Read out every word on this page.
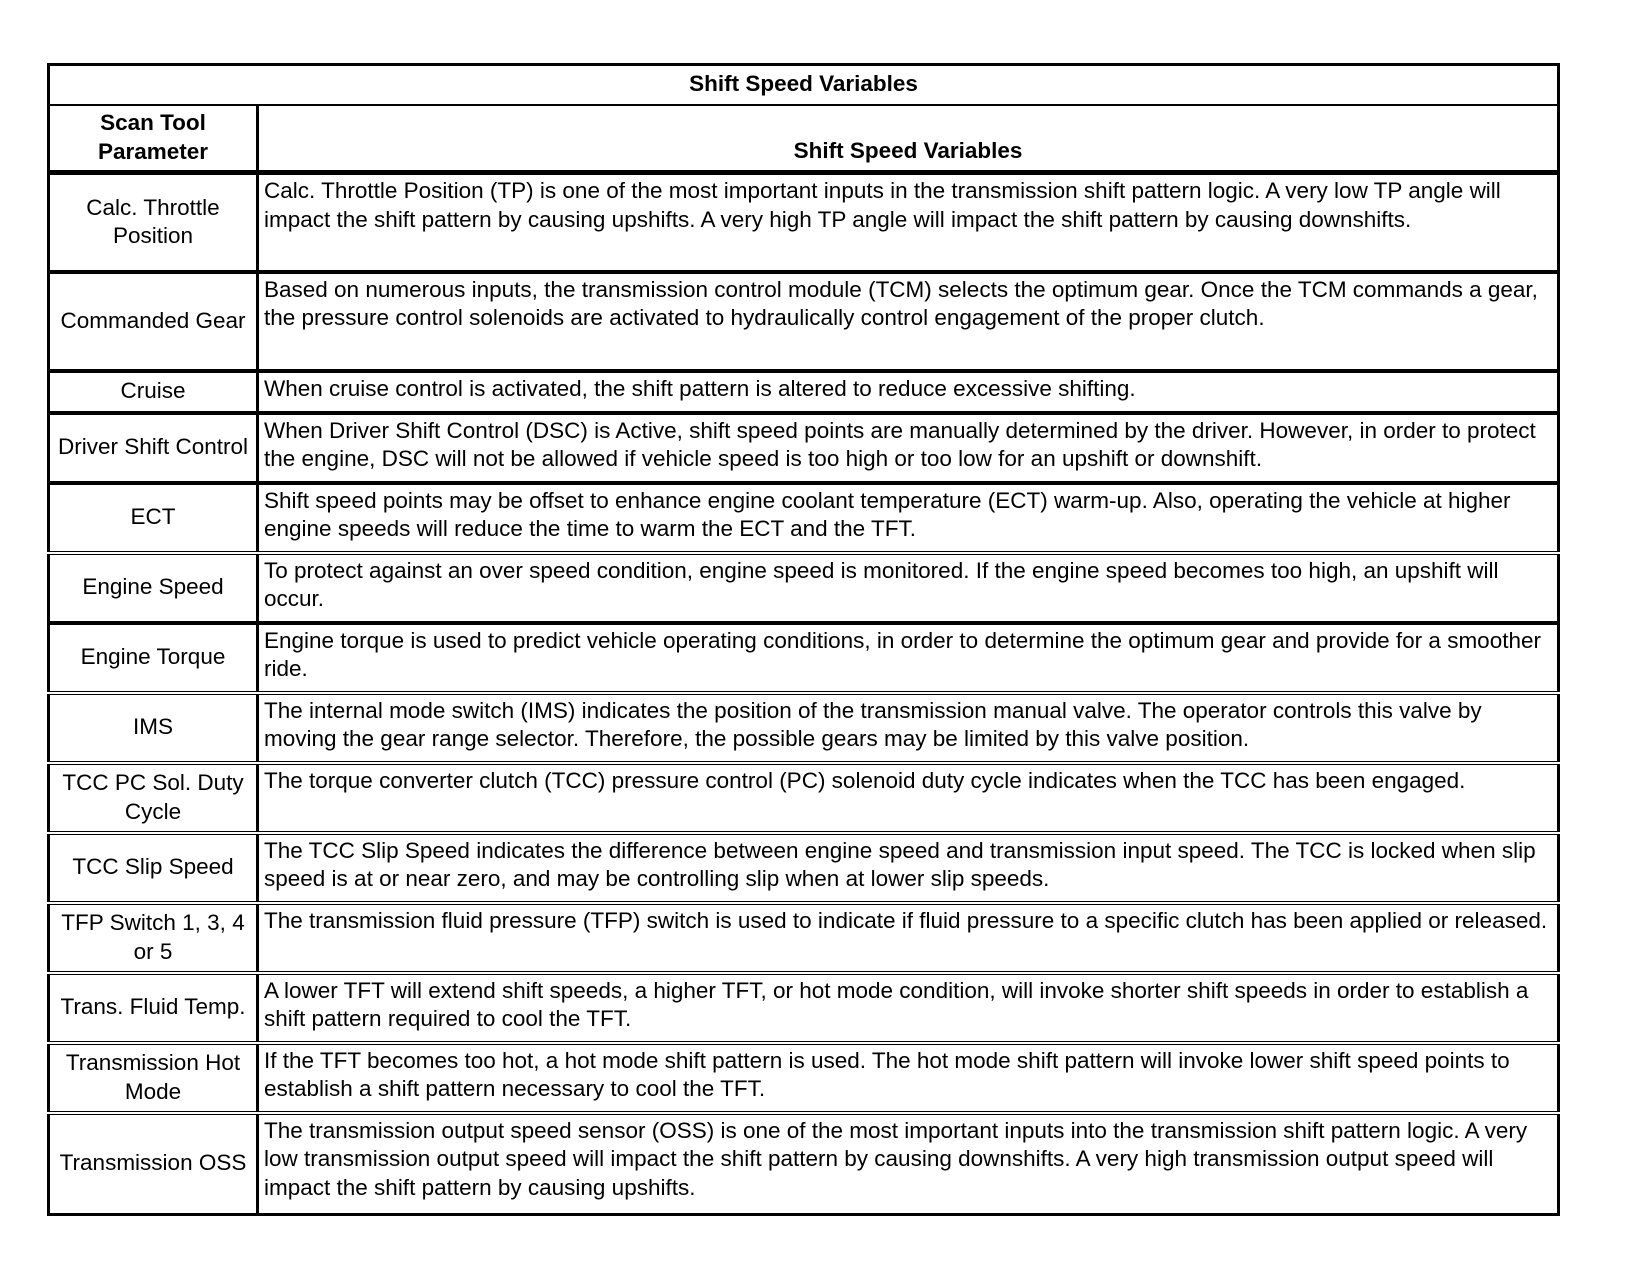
Shift Speed Variables	
Scan Tool Parameter	Shift Speed Variables
Calc. Throttle Position	Calc. Throttle Position (TP) is one of the most important inputs in the transmission shift pattern logic. A very low TP angle will impact the shift pattern by causing upshifts. A very high TP angle will impact the shift pattern by causing downshifts.
Commanded Gear	Based on numerous inputs, the transmission control module (TCM) selects the optimum gear. Once the TCM commands a gear, the pressure control solenoids are activated to hydraulically control engagement of the proper clutch.
Cruise	When cruise control is activated, the shift pattern is altered to reduce excessive shifting.
Driver Shift Control	When Driver Shift Control (DSC) is Active, shift speed points are manually determined by the driver. However, in order to protect the engine, DSC will not be allowed if vehicle speed is too high or too low for an upshift or downshift.
ECT	Shift speed points may be offset to enhance engine coolant temperature (ECT) warm-up. Also, operating the vehicle at higher engine speeds will reduce the time to warm the ECT and the TFT.
Engine Speed	To protect against an over speed condition, engine speed is monitored. If the engine speed becomes too high, an upshift will occur.
Engine Torque	Engine torque is used to predict vehicle operating conditions, in order to determine the optimum gear and provide for a smoother ride.
IMS	The internal mode switch (IMS) indicates the position of the transmission manual valve. The operator controls this valve by moving the gear range selector. Therefore, the possible gears may be limited by this valve position.
TCC PC Sol. Duty Cycle	The torque converter clutch (TCC) pressure control (PC) solenoid duty cycle indicates when the TCC has been engaged.
TCC Slip Speed	The TCC Slip Speed indicates the difference between engine speed and transmission input speed. The TCC is locked when slip speed is at or near zero, and may be controlling slip when at lower slip speeds.
TFP Switch 1, 3, 4 or 5	The transmission fluid pressure (TFP) switch is used to indicate if fluid pressure to a specific clutch has been applied or released.
Trans. Fluid Temp.	A lower TFT will extend shift speeds, a higher TFT, or hot mode condition, will invoke shorter shift speeds in order to establish a shift pattern required to cool the TFT.
Transmission Hot Mode	If the TFT becomes too hot, a hot mode shift pattern is used. The hot mode shift pattern will invoke lower shift speed points to establish a shift pattern necessary to cool the TFT.
Transmission OSS	The transmission output speed sensor (OSS) is one of the most important inputs into the transmission shift pattern logic. A very low transmission output speed will impact the shift pattern by causing downshifts. A very high transmission output speed will impact the shift pattern by causing upshifts.
